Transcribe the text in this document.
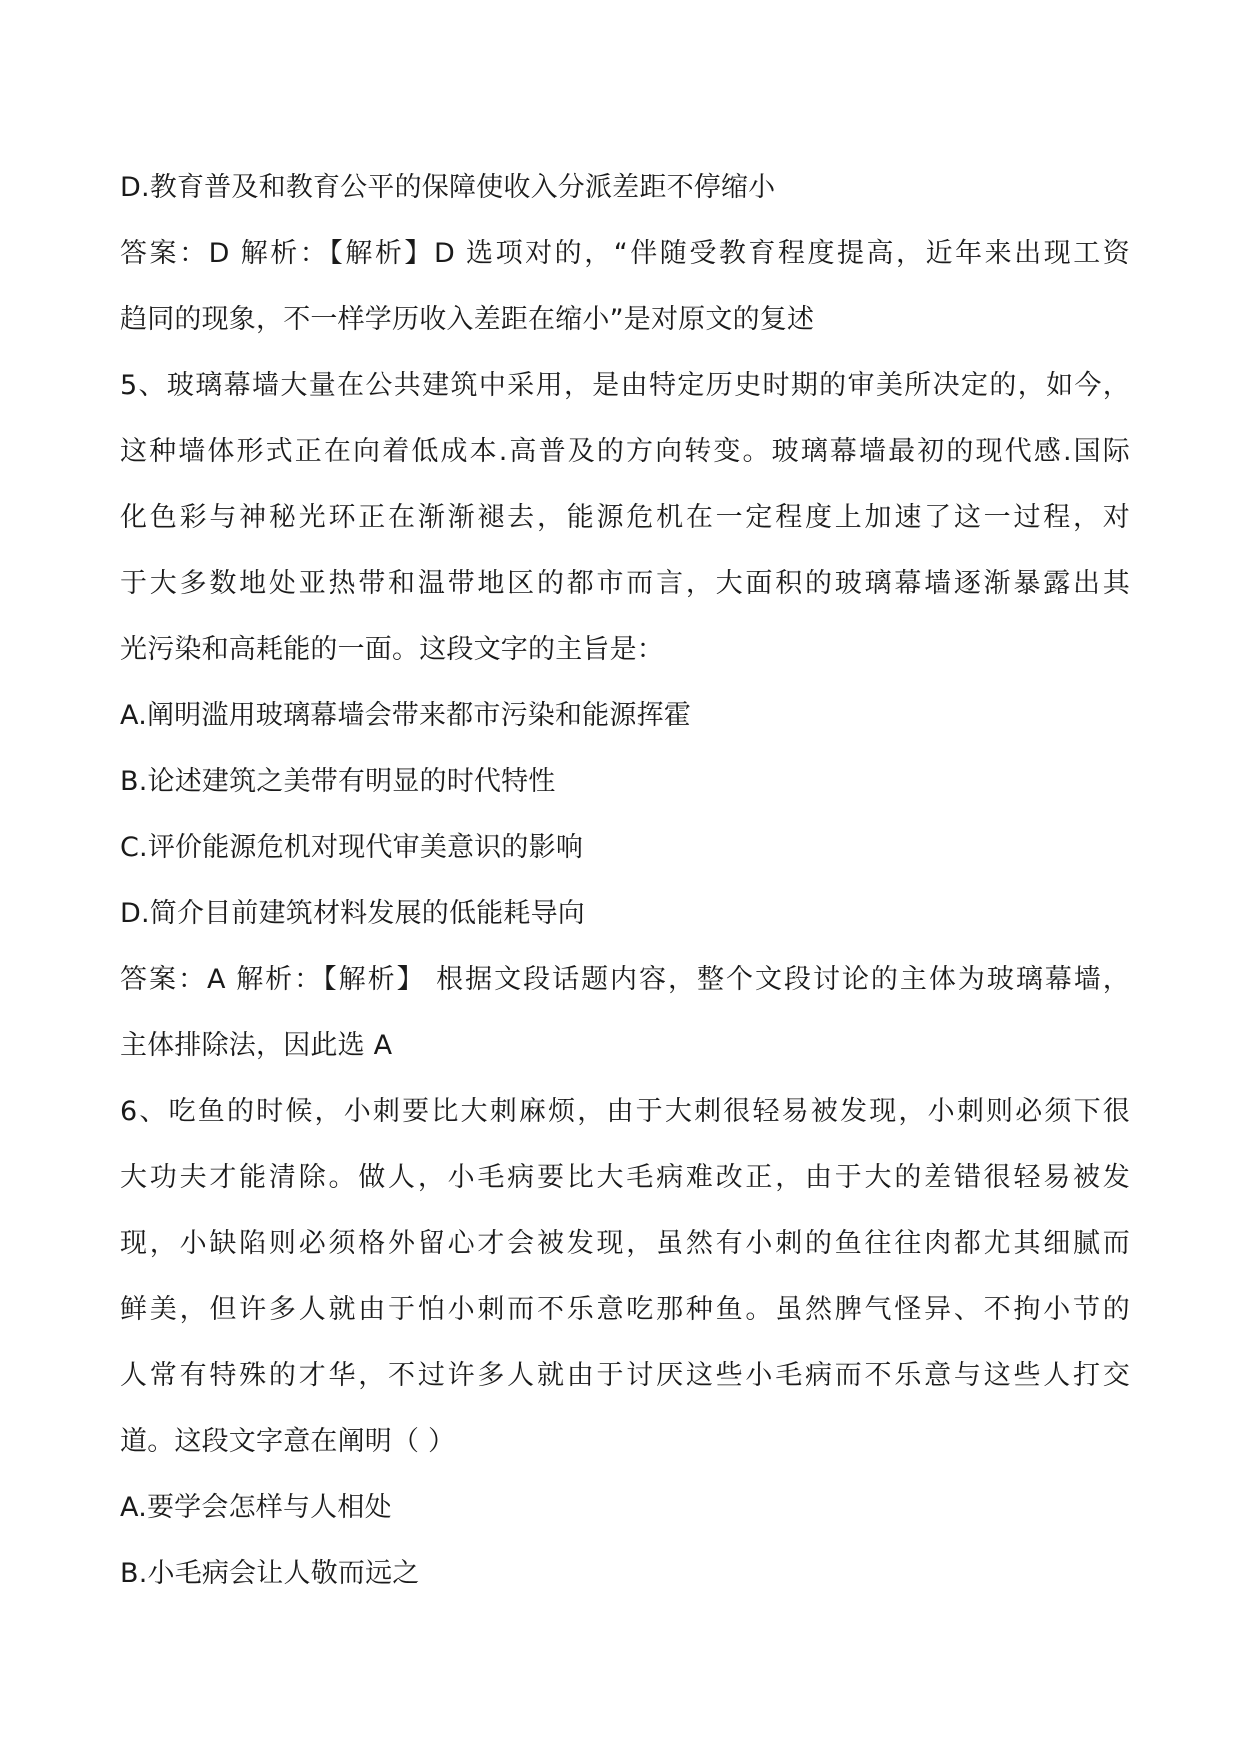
D.教育普及和教育公平的保障使收入分派差距不停缩小
答案：D 解析：【解析】D 选项对的，“伴随受教育程度提高，近年来出现工资
趋同的现象，不一样学历收入差距在缩小”是对原文的复述
5、玻璃幕墙大量在公共建筑中采用，是由特定历史时期的审美所决定的，如今，
这种墙体形式正在向着低成本.高普及的方向转变。玻璃幕墙最初的现代感.国际
化色彩与神秘光环正在渐渐褪去，能源危机在一定程度上加速了这一过程，对
于大多数地处亚热带和温带地区的都市而言，大面积的玻璃幕墙逐渐暴露出其
光污染和高耗能的一面。这段文字的主旨是：
A.阐明滥用玻璃幕墙会带来都市污染和能源挥霍
B.论述建筑之美带有明显的时代特性
C.评价能源危机对现代审美意识的影响
D.简介目前建筑材料发展的低能耗导向
答案：A 解析：【解析】 根据文段话题内容，整个文段讨论的主体为玻璃幕墙，
主体排除法，因此选 A
6、吃鱼的时候，小刺要比大刺麻烦，由于大刺很轻易被发现，小刺则必须下很
大功夫才能清除。做人，小毛病要比大毛病难改正，由于大的差错很轻易被发
现，小缺陷则必须格外留心才会被发现，虽然有小刺的鱼往往肉都尤其细腻而
鲜美，但许多人就由于怕小刺而不乐意吃那种鱼。虽然脾气怪异、不拘小节的
人常有特殊的才华，不过许多人就由于讨厌这些小毛病而不乐意与这些人打交
道。这段文字意在阐明（ ）
A.要学会怎样与人相处
B.小毛病会让人敬而远之
